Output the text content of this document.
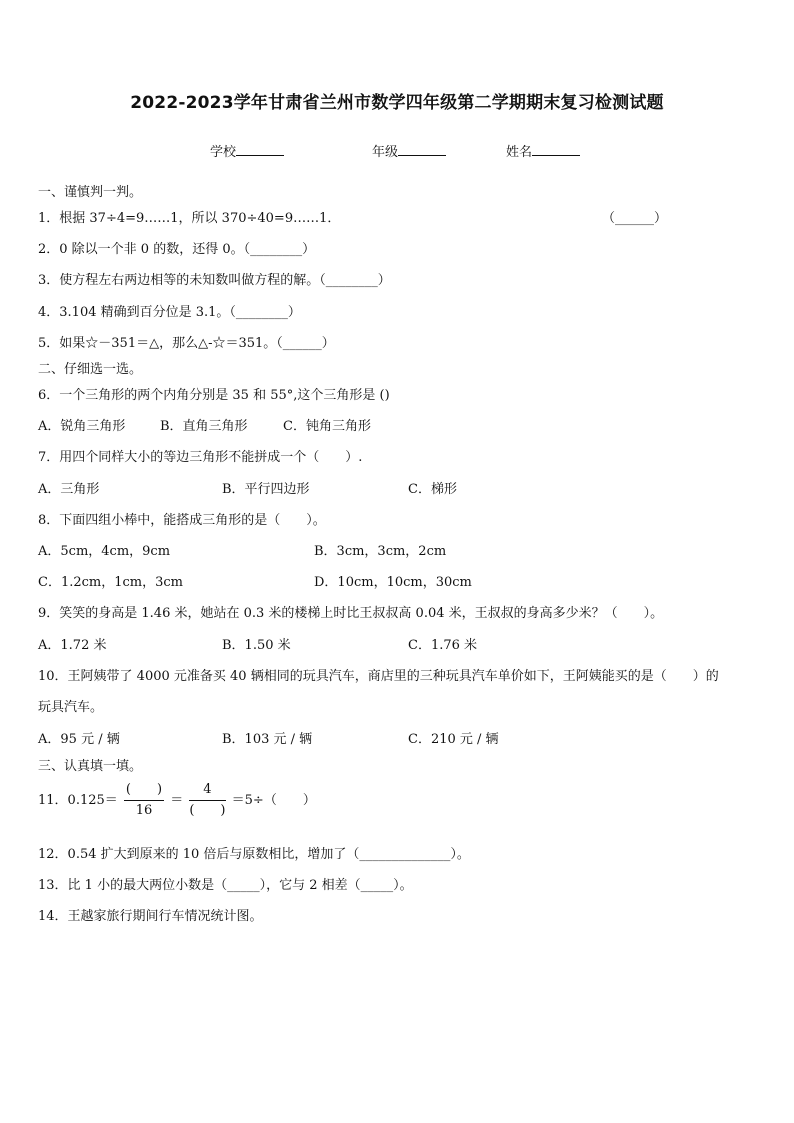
2022-2023学年甘肃省兰州市数学四年级第二学期期末复习检测试题
学校	年级	姓名
一、谨慎判一判。
1．根据 37÷4=9……1，所以 370÷40=9……1．	（______）
2．0 除以一个非 0 的数，还得 0。（________）
3．使方程左右两边相等的未知数叫做方程的解。（________）
4．3.104 精确到百分位是 3.1。（________）
5．如果☆－351＝△，那么△-☆＝351。（______）
二、仔细选一选。
6．一个三角形的两个内角分别是 35 和 55°,这个三角形是 ()
A．锐角三角形	B．直角三角形	C．钝角三角形
7．用四个同样大小的等边三角形不能拼成一个（　　）.
A．三角形	B．平行四边形	C．梯形
8．下面四组小棒中，能搭成三角形的是（　　）。
A．5cm，4cm，9cm	B．3cm，3cm，2cm
C．1.2cm，1cm，3cm	D．10cm，10cm，30cm
9．笑笑的身高是 1.46 米，她站在 0.3 米的楼梯上时比王叔叔高 0.04 米，王叔叔的身高多少米？（　　）。
A．1.72 米	B．1.50 米	C．1.76 米
10．王阿姨带了 4000 元准备买 40 辆相同的玩具汽车，商店里的三种玩具汽车单价如下，王阿姨能买的是（　　）的
玩具汽车。
A．95 元 / 辆	B．103 元 / 辆	C．210 元 / 辆
三、认真填一填。
11．$0.125= \frac{( )}{16} = \frac{4}{( )} =5\div$（　　）
12．0.54 扩大到原来的 10 倍后与原数相比，增加了（______________）。
13．比 1 小的最大两位小数是（_____），它与 2 相差（_____）。
14．王越家旅行期间行车情况统计图。
